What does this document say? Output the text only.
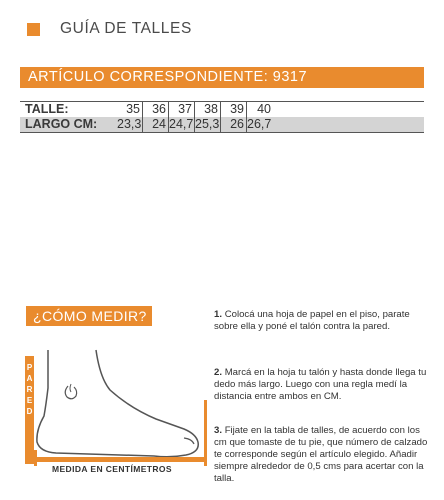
GUÍA DE TALLES
ARTÍCULO CORRESPONDIENTE: 9317
TALLE:	35 36 37 38 39	40
LARGO CM: 23,3 24 24,7 25,3 26 26,7
¿CÓMO MEDIR?
P
A
R
E
D
MEDIDA EN CENTÍMETROS
1. Colocá una hoja de papel en el piso, parate sobre ella y poné el talón contra la pared.
2. Marcá en la hoja tu talón y hasta donde llega tu dedo más largo. Luego con una regla medí la distancia entre ambos en CM.
3. Fijate en la tabla de talles, de acuerdo con los cm que tomaste de tu pie, que número de calzado te corresponde según el artículo elegido. Añadir siempre alrededor de 0,5 cms para acertar con la talla.
